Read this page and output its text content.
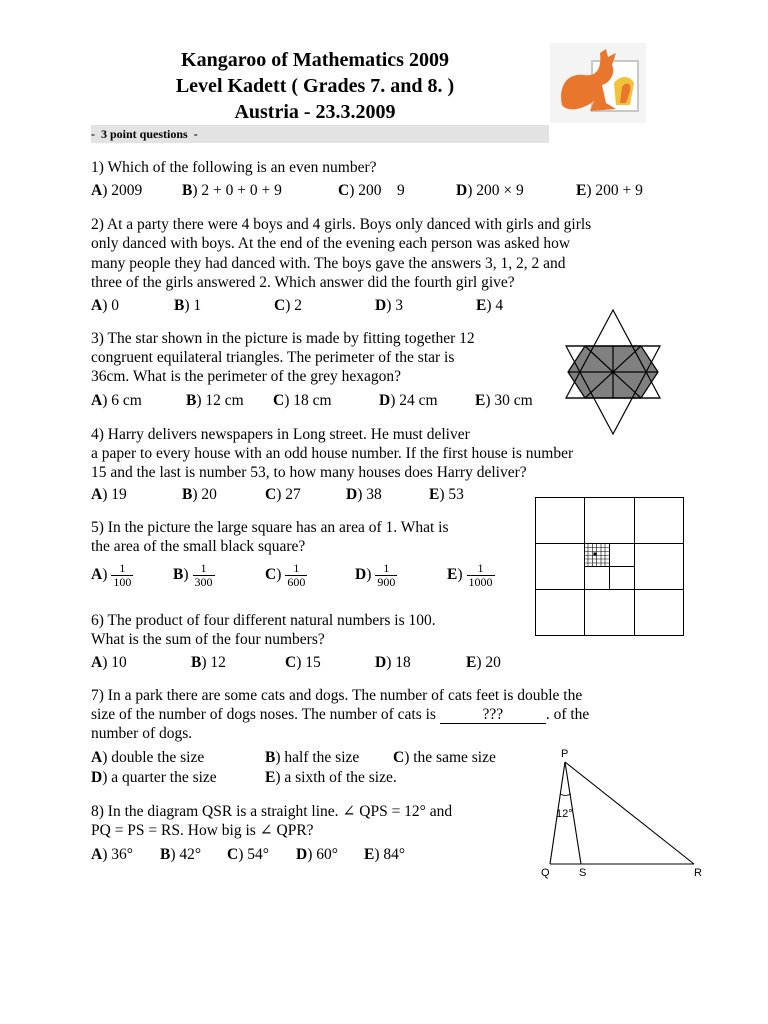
Kangaroo of Mathematics 2009
Level Kadett ( Grades 7. and 8. )
Austria - 23.3.2009
-  3 point questions  -
1) Which of the following is an even number?
A) 2009	B) 2 + 0 + 0 + 9	C) 200    9	D) 200 × 9	E) 200 + 9
2) At a party there were 4 boys and 4 girls. Boys only danced with girls and girls
only danced with boys. At the end of the evening each person was asked how
many people they had danced with. The boys gave the answers 3, 1, 2, 2 and
three of the girls answered 2. Which answer did the fourth girl give?
A) 0	B) 1	C) 2	D) 3	E) 4
3) The star shown in the picture is made by fitting together 12
congruent equilateral triangles. The perimeter of the star is
36cm. What is the perimeter of the grey hexagon?
A) 6 cm	B) 12 cm C) 18 cm	D) 24 cm E) 30 cm
4) Harry delivers newspapers in Long street. He must deliver
a paper to every house with an odd house number. If the first house is number
15 and the last is number 53, to how many houses does Harry deliver?
A) 19	B) 20	C) 27	D) 38	E) 53
5) In the picture the large square has an area of 1. What is
the area of the small black square?
$A) \frac{1}{100}$	$B) \frac{1}{300}$	$C) \frac{1}{600}$	$D) \frac{1}{900}$	$E) \frac{1}{1000}$
6) The product of four different natural numbers is 100.
What is the sum of the four numbers?
A) 10	B) 12	C) 15	D) 18	E) 20
7) In a park there are some cats and dogs. The number of cats feet is double the
size of the number of dogs noses. The number of cats is	???	. of the
number of dogs.
A) double the size	B) half the size C) the same size
D) a quarter the size	E) a sixth of the size.
8) In the diagram QSR is a straight line. ∠ QPS = 12° and
PQ = PS = RS. How big is ∠ QPR?
A) 36° B) 42° C) 54° D) 60° E) 84°
P
Q	S	R
12°
